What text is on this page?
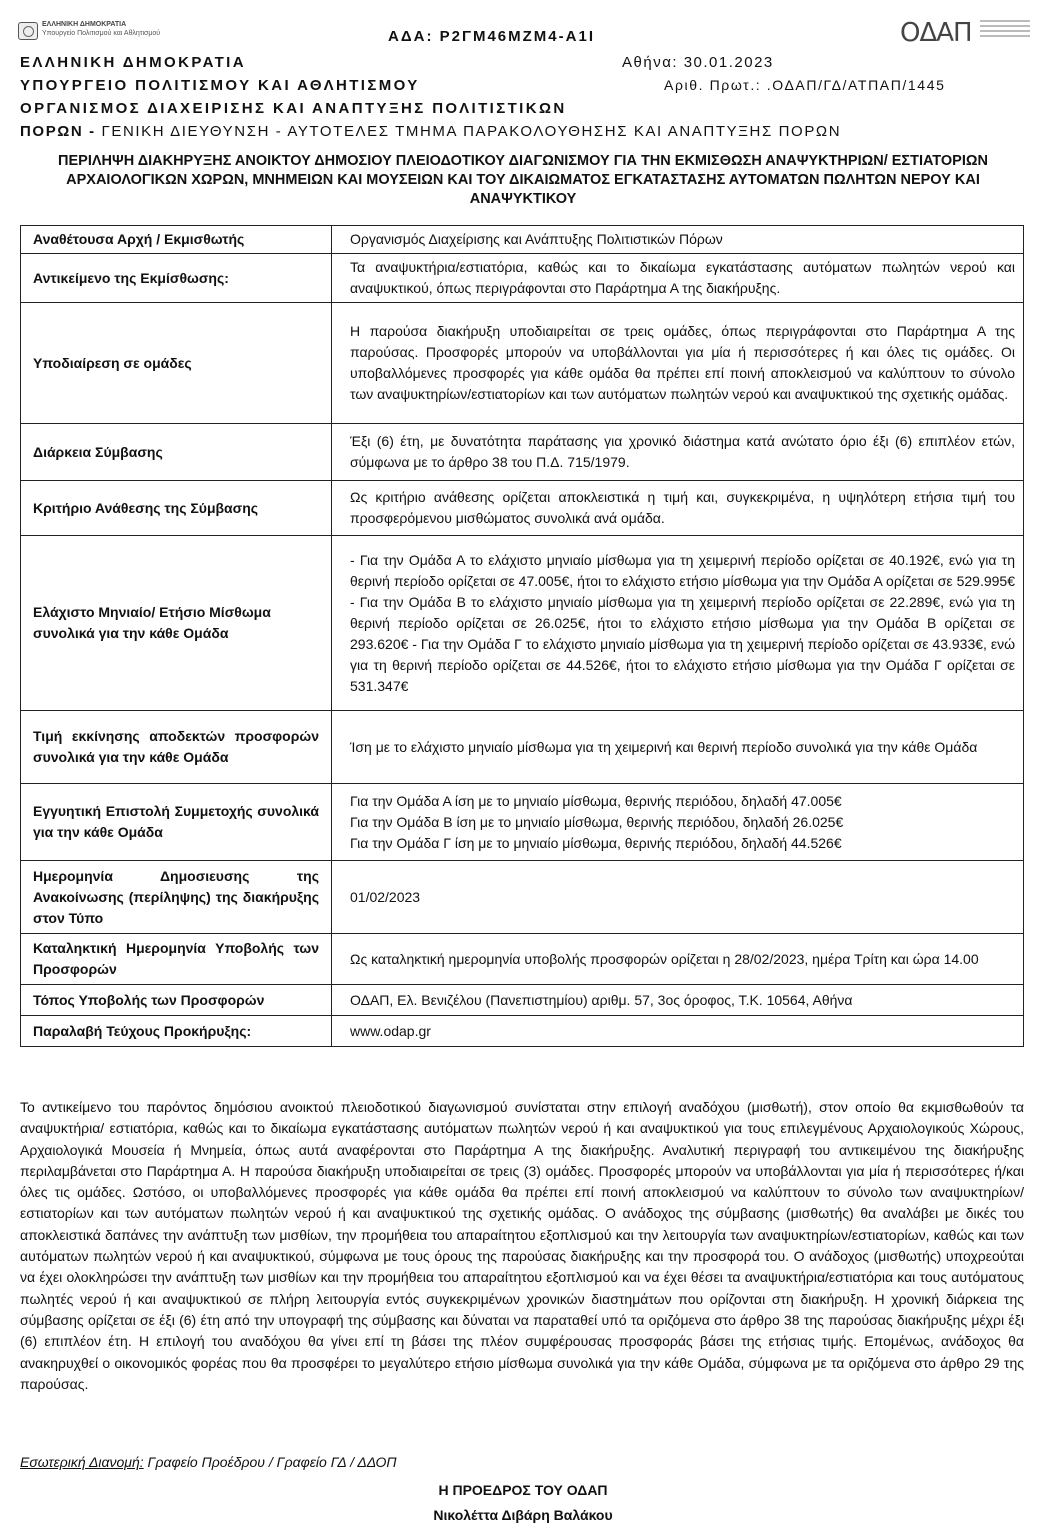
ΕΛΛΗΝΙΚΗ ΔΗΜΟΚΡΑΤΙΑ
Υπουργείο Πολιτισμού και Αθλητισμού	ΟΔΑΠ
ΑΔΑ: Ρ2ΓΜ46ΜΖΜ4-Α1Ι
ΕΛΛΗΝΙΚΗ ΔΗΜΟΚΡΑΤΙΑ	Αθήνα: 30.01.2023
ΥΠΟΥΡΓΕΙΟ ΠΟΛΙΤΙΣΜΟΥ ΚΑΙ ΑΘΛΗΤΙΣΜΟΥ	Αριθ. Πρωτ.: .ΟΔΑΠ/ΓΔ/ΑΤΠΑΠ/1445
ΟΡΓΑΝΙΣΜΟΣ ΔΙΑΧΕΙΡΙΣΗΣ ΚΑΙ ΑΝΑΠΤΥΞΗΣ ΠΟΛΙΤΙΣΤΙΚΩΝ
ΠΟΡΩΝ - ΓΕΝΙΚΗ ΔΙΕΥΘΥΝΣΗ - ΑΥΤΟΤΕΛΕΣ ΤΜΗΜΑ ΠΑΡΑΚΟΛΟΥΘΗΣΗΣ ΚΑΙ ΑΝΑΠΤΥΞΗΣ ΠΟΡΩΝ
ΠΕΡΙΛΗΨΗ ΔΙΑΚΗΡΥΞΗΣ ΑΝΟΙΚΤΟΥ ΔΗΜΟΣΙΟΥ ΠΛΕΙΟΔΟΤΙΚΟΥ ΔΙΑΓΩΝΙΣΜΟΥ ΓΙΑ ΤΗΝ ΕΚΜΙΣΘΩΣΗ ΑΝΑΨΥΚΤΗΡΙΩΝ/ ΕΣΤΙΑΤΟΡΙΩΝ ΑΡΧΑΙΟΛΟΓΙΚΩΝ ΧΩΡΩΝ, ΜΝΗΜΕΙΩΝ ΚΑΙ ΜΟΥΣΕΙΩΝ ΚΑΙ ΤΟΥ ΔΙΚΑΙΩΜΑΤΟΣ ΕΓΚΑΤΑΣΤΑΣΗΣ ΑΥΤΟΜΑΤΩΝ ΠΩΛΗΤΩΝ ΝΕΡΟΥ ΚΑΙ ΑΝΑΨΥΚΤΙΚΟΥ
Αναθέτουσα Αρχή / Εκμισθωτής	Οργανισμός Διαχείρισης και Ανάπτυξης Πολιτιστικών Πόρων
Αντικείμενο της Εκμίσθωσης:	Τα αναψυκτήρια/εστιατόρια, καθώς και το δικαίωμα εγκατάστασης αυτόματων πωλητών νερού και αναψυκτικού, όπως περιγράφονται στο Παράρτημα Α της διακήρυξης.
Υποδιαίρεση σε ομάδες	Η παρούσα διακήρυξη υποδιαιρείται σε τρεις ομάδες, όπως περιγράφονται στο Παράρτημα Α της παρούσας. Προσφορές μπορούν να υποβάλλονται για μία ή περισσότερες ή και όλες τις ομάδες. Οι υποβαλλόμενες προσφορές για κάθε ομάδα θα πρέπει επί ποινή αποκλεισμού να καλύπτουν το σύνολο των αναψυκτηρίων/εστιατορίων και των αυτόματων πωλητών νερού και αναψυκτικού της σχετικής ομάδας.
Διάρκεια Σύμβασης	Έξι (6) έτη, με δυνατότητα παράτασης για χρονικό διάστημα κατά ανώτατο όριο έξι (6) επιπλέον ετών, σύμφωνα με το άρθρο 38 του Π.Δ. 715/1979.
Κριτήριο Ανάθεσης της Σύμβασης	Ως κριτήριο ανάθεσης ορίζεται αποκλειστικά η τιμή και, συγκεκριμένα, η υψηλότερη ετήσια τιμή του προσφερόμενου μισθώματος συνολικά ανά ομάδα.
Ελάχιστο Μηνιαίο/ Ετήσιο Μίσθωμα συνολικά για την κάθε Ομάδα	- Για την Ομάδα Α το ελάχιστο μηνιαίο μίσθωμα για τη χειμερινή περίοδο ορίζεται σε 40.192€, ενώ για τη θερινή περίοδο ορίζεται σε 47.005€, ήτοι το ελάχιστο ετήσιο μίσθωμα για την Ομάδα Α ορίζεται σε 529.995€ - Για την Ομάδα Β το ελάχιστο μηνιαίο μίσθωμα για τη χειμερινή περίοδο ορίζεται σε 22.289€, ενώ για τη θερινή περίοδο ορίζεται σε 26.025€, ήτοι το ελάχιστο ετήσιο μίσθωμα για την Ομάδα Β ορίζεται σε 293.620€ - Για την Ομάδα Γ το ελάχιστο μηνιαίο μίσθωμα για τη χειμερινή περίοδο ορίζεται σε 43.933€, ενώ για τη θερινή περίοδο ορίζεται σε 44.526€, ήτοι το ελάχιστο ετήσιο μίσθωμα για την Ομάδα Γ ορίζεται σε 531.347€
Τιμή εκκίνησης αποδεκτών προσφορών συνολικά για την κάθε Ομάδα	Ίση με το ελάχιστο μηνιαίο μίσθωμα για τη χειμερινή και θερινή περίοδο συνολικά για την κάθε Ομάδα
Εγγυητική Επιστολή Συμμετοχής συνολικά για την κάθε Ομάδα	Για την Ομάδα Α ίση με το μηνιαίο μίσθωμα, θερινής περιόδου, δηλαδή 47.005€
Για την Ομάδα Β ίση με το μηνιαίο μίσθωμα, θερινής περιόδου, δηλαδή 26.025€
Για την Ομάδα Γ ίση με το μηνιαίο μίσθωμα, θερινής περιόδου, δηλαδή 44.526€
Ημερομηνία Δημοσιευσης της Ανακοίνωσης (περίληψης) της διακήρυξης στον Τύπο	01/02/2023
Καταληκτική Ημερομηνία Υποβολής των Προσφορών	Ως καταληκτική ημερομηνία υποβολής προσφορών ορίζεται η 28/02/2023, ημέρα Τρίτη και ώρα 14.00
Τόπος Υποβολής των Προσφορών	ΟΔΑΠ, Ελ. Βενιζέλου (Πανεπιστημίου) αριθμ. 57, 3ος όροφος, Τ.Κ. 10564, Αθήνα
Παραλαβή Τεύχους Προκήρυξης:	www.odap.gr
Το αντικείμενο του παρόντος δημόσιου ανοικτού πλειοδοτικού διαγωνισμού συνίσταται στην επιλογή αναδόχου (μισθωτή), στον οποίο θα εκμισθωθούν τα αναψυκτήρια/ εστιατόρια, καθώς και το δικαίωμα εγκατάστασης αυτόματων πωλητών νερού ή και αναψυκτικού για τους επιλεγμένους Αρχαιολογικούς Χώρους, Αρχαιολογικά Μουσεία ή Μνημεία, όπως αυτά αναφέρονται στο Παράρτημα Α της διακήρυξης. Αναλυτική περιγραφή του αντικειμένου της διακήρυξης περιλαμβάνεται στο Παράρτημα Α. Η παρούσα διακήρυξη υποδιαιρείται σε τρεις (3) ομάδες. Προσφορές μπορούν να υποβάλλονται για μία ή περισσότερες ή/και όλες τις ομάδες. Ωστόσο, οι υποβαλλόμενες προσφορές για κάθε ομάδα θα πρέπει επί ποινή αποκλεισμού να καλύπτουν το σύνολο των αναψυκτηρίων/εστιατορίων και των αυτόματων πωλητών νερού ή και αναψυκτικού της σχετικής ομάδας. Ο ανάδοχος της σύμβασης (μισθωτής) θα αναλάβει με δικές του αποκλειστικά δαπάνες την ανάπτυξη των μισθίων, την προμήθεια του απαραίτητου εξοπλισμού και την λειτουργία των αναψυκτηρίων/εστιατορίων, καθώς και των αυτόματων πωλητών νερού ή και αναψυκτικού, σύμφωνα με τους όρους της παρούσας διακήρυξης και την προσφορά του. Ο ανάδοχος (μισθωτής) υποχρεούται να έχει ολοκληρώσει την ανάπτυξη των μισθίων και την προμήθεια του απαραίτητου εξοπλισμού και να έχει θέσει τα αναψυκτήρια/εστιατόρια και τους αυτόματους πωλητές νερού ή και αναψυκτικού σε πλήρη λειτουργία εντός συγκεκριμένων χρονικών διαστημάτων που ορίζονται στη διακήρυξη. Η χρονική διάρκεια της σύμβασης ορίζεται σε έξι (6) έτη από την υπογραφή της σύμβασης και δύναται να παραταθεί υπό τα οριζόμενα στο άρθρο 38 της παρούσας διακήρυξης μέχρι έξι (6) επιπλέον έτη. Η επιλογή του αναδόχου θα γίνει επί τη βάσει της πλέον συμφέρουσας προσφοράς βάσει της ετήσιας τιμής. Επομένως, ανάδοχος θα ανακηρυχθεί ο οικονομικός φορέας που θα προσφέρει το μεγαλύτερο ετήσιο μίσθωμα συνολικά για την κάθε Ομάδα, σύμφωνα με τα οριζόμενα στο άρθρο 29 της παρούσας.
Εσωτερική Διανομή: Γραφείο Προέδρου / Γραφείο ΓΔ / ΔΔΟΠ
Η ΠΡΟΕΔΡΟΣ ΤΟΥ ΟΔΑΠ
Νικολέττα Διβάρη Βαλάκου
